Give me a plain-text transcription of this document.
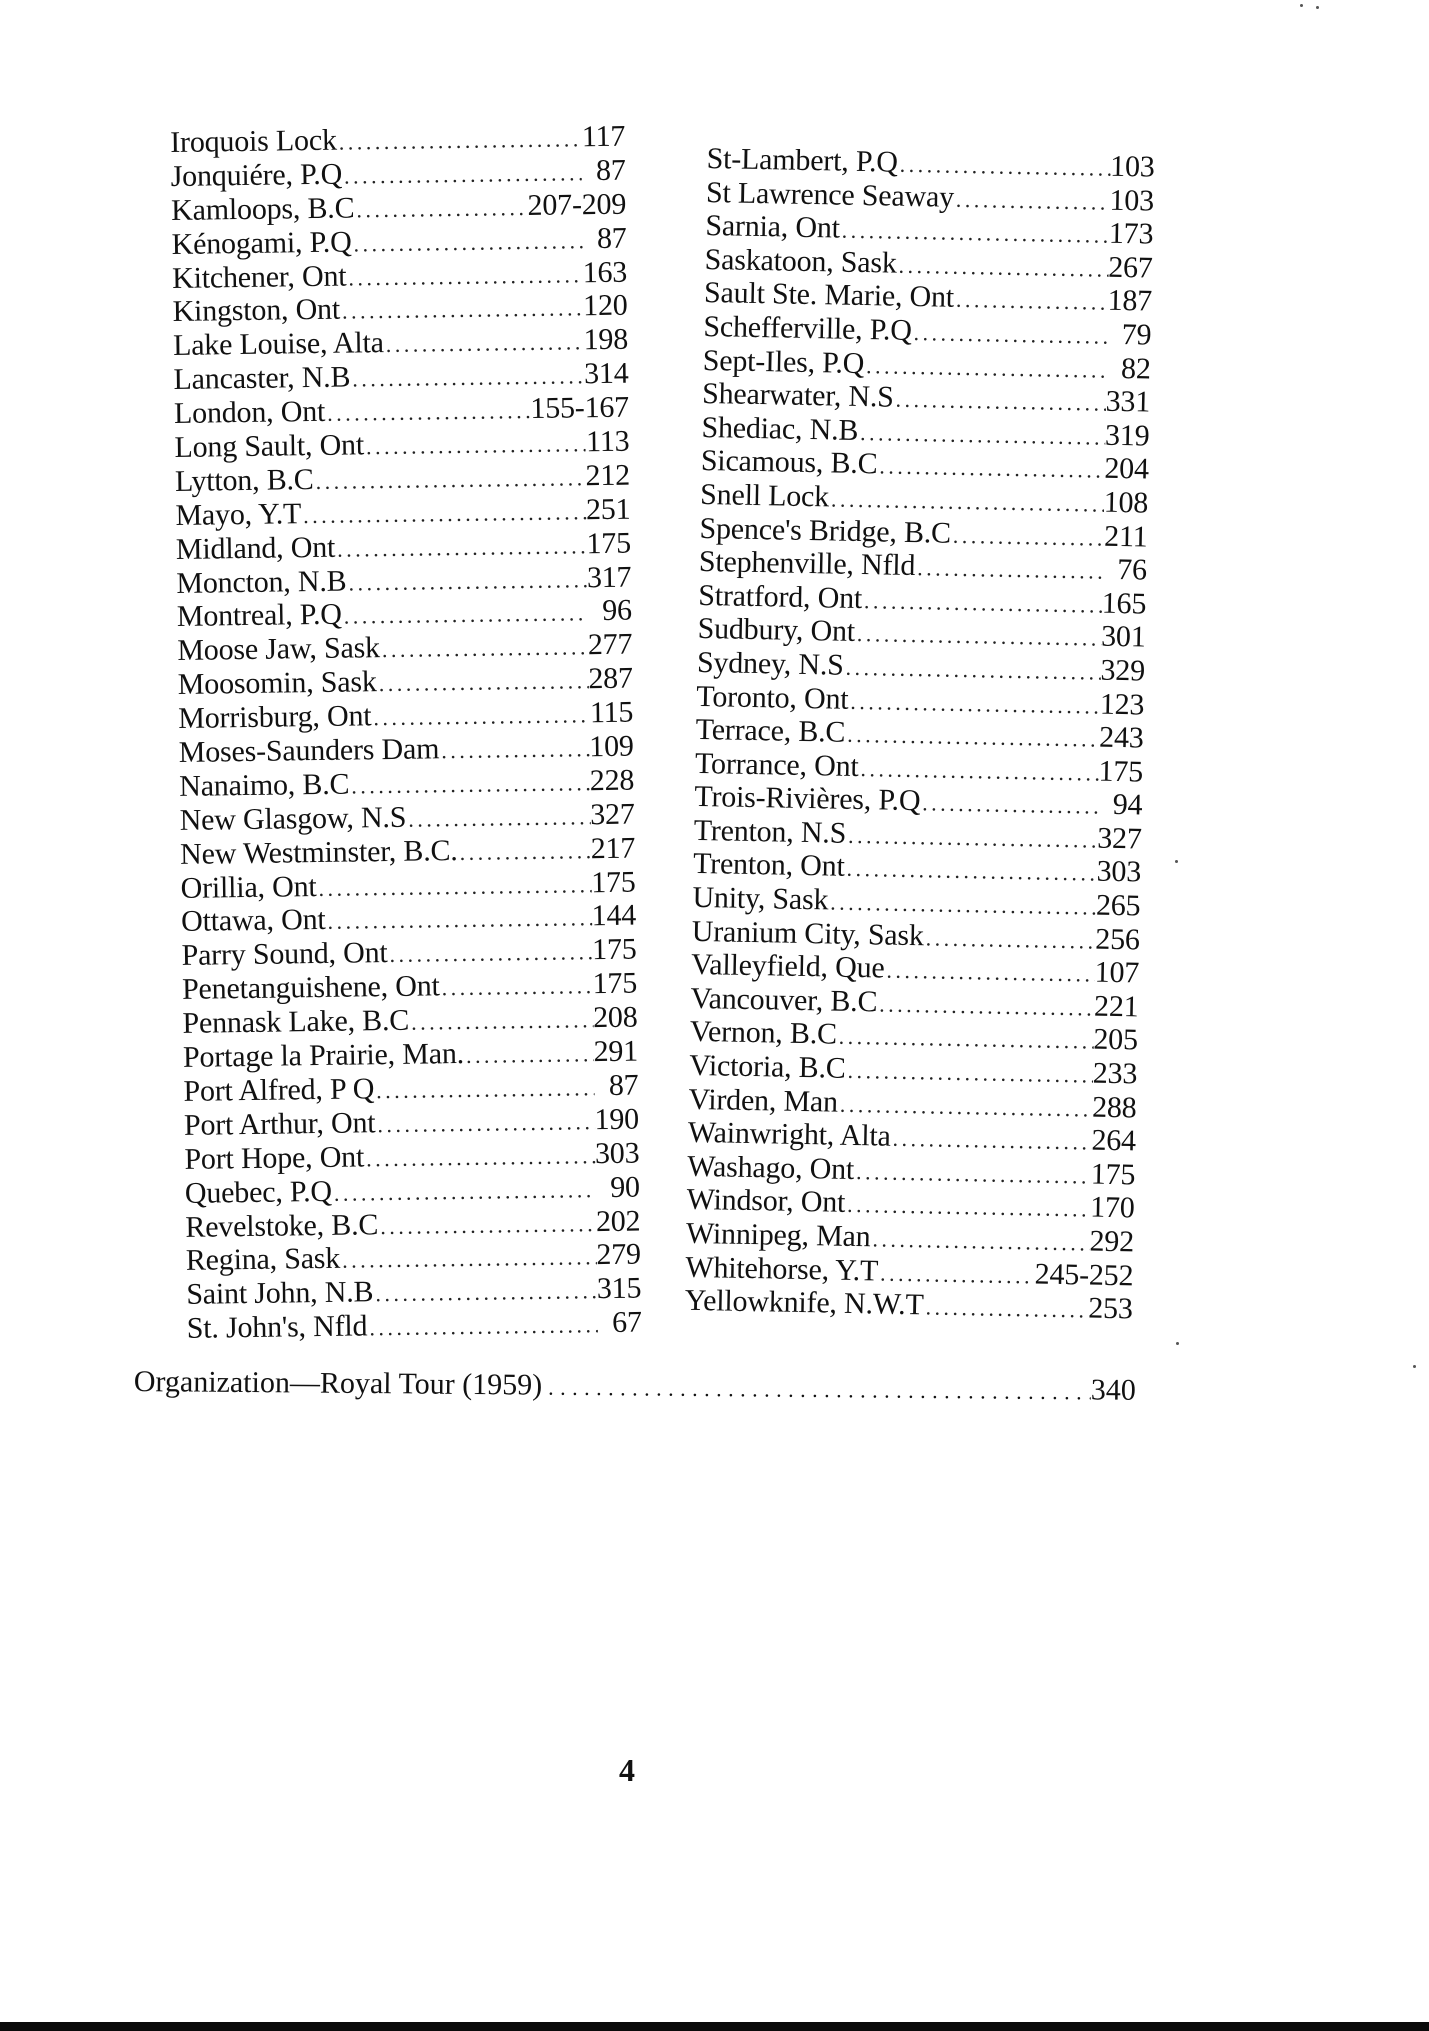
Iroquois Lock . . .	117
Jonquiére, P.Q . . .	87
Kamloops, B.C . . .	207-209
Kénogami, P.Q . . .	87
Kitchener, Ont . . .	163
Kingston, Ont . . .	120
Lake Louise, Alta . . .	198
Lancaster, N.B . . .	314
London, Ont . . .	155-167
Long Sault, Ont . . .	113
Lytton, B.C . . .	212
Mayo, Y.T . . .	251
Midland, Ont . . .	175
Moncton, N.B . . .	317
Montreal, P.Q . . .	96
Moose Jaw, Sask . . .	277
Moosomin, Sask . . .	287
Morrisburg, Ont . . .	115
Moses-Saunders Dam . . .	109
Nanaimo, B.C . . .	228
New Glasgow, N.S . . .	327
New Westminster, B.C. . . .	217
Orillia, Ont . . .	175
Ottawa, Ont . . .	144
Parry Sound, Ont . . .	175
Penetanguishene, Ont . . .	175
Pennask Lake, B.C . . .	208
Portage la Prairie, Man. . . .	291
Port Alfred, P Q . . .	87
Port Arthur, Ont . . .	190
Port Hope, Ont . . .	303
Quebec, P.Q . . .	90
Revelstoke, B.C . . .	202
Regina, Sask . . .	279
Saint John, N.B . . .	315
St. John's, Nfld . . .	67
St-Lambert, P.Q . . .	103
St Lawrence Seaway . . .	103
Sarnia, Ont . . .	173
Saskatoon, Sask . . .	267
Sault Ste. Marie, Ont . . .	187
Schefferville, P.Q . . .	79
Sept-Iles, P.Q . . .	82
Shearwater, N.S . . .	331
Shediac, N.B . . .	319
Sicamous, B.C . . .	204
Snell Lock . . .	108
Spence's Bridge, B.C . . .	211
Stephenville, Nfld . . .	76
Stratford, Ont . . .	165
Sudbury, Ont . . .	301
Sydney, N.S . . .	329
Toronto, Ont . . .	123
Terrace, B.C . . .	243
Torrance, Ont . . .	175
Trois-Rivières, P.Q . . .	94
Trenton, N.S . . .	327
Trenton, Ont . . .	303
Unity, Sask . . .	265
Uranium City, Sask . . .	256
Valleyfield, Que . . .	107
Vancouver, B.C . . .	221
Vernon, B.C . . .	205
Victoria, B.C . . .	233
Virden, Man . . .	288
Wainwright, Alta . . .	264
Washago, Ont . . .	175
Windsor, Ont . . .	170
Winnipeg, Man . . .	292
Whitehorse, Y.T . . .	245-252
Yellowknife, N.W.T . . .	253
Organization—Royal Tour (1959) . . .	340
4
